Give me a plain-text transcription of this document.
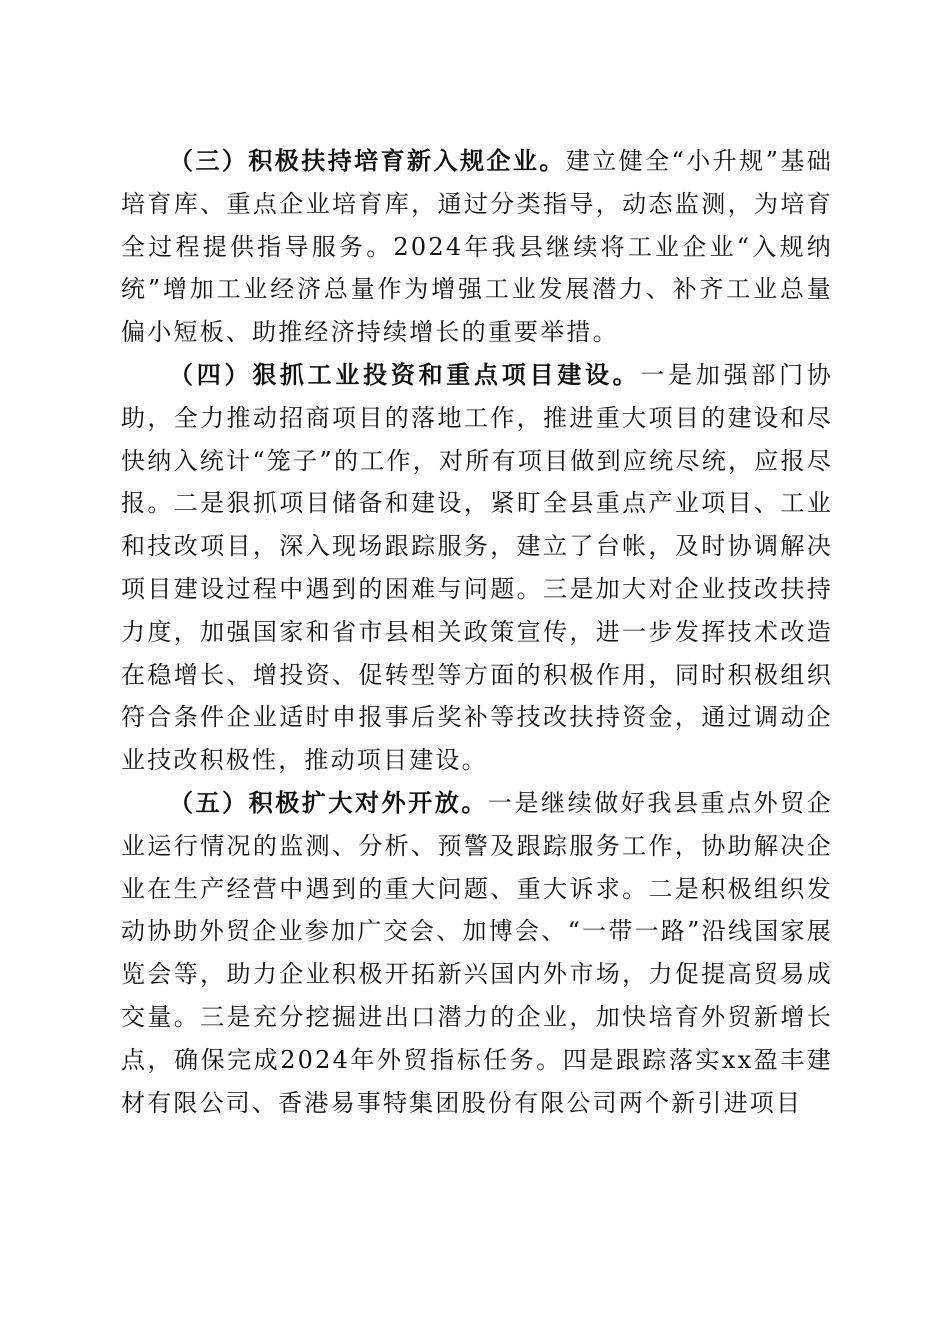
（三）积极扶持培育新入规企业。建立健全“小升规”基础培育库、重点企业培育库，通过分类指导，动态监测，为培育全过程提供指导服务。2024年我县继续将工业企业“入规纳统”增加工业经济总量作为增强工业发展潜力、补齐工业总量偏小短板、助推经济持续增长的重要举措。

（四）狠抓工业投资和重点项目建设。一是加强部门协助，全力推动招商项目的落地工作，推进重大项目的建设和尽快纳入统计“笼子”的工作，对所有项目做到应统尽统，应报尽报。二是狠抓项目储备和建设，紧盯全县重点产业项目、工业和技改项目，深入现场跟踪服务，建立了台帐，及时协调解决项目建设过程中遇到的困难与问题。三是加大对企业技改扶持力度，加强国家和省市县相关政策宣传，进一步发挥技术改造在稳增长、增投资、促转型等方面的积极作用，同时积极组织符合条件企业适时申报事后奖补等技改扶持资金，通过调动企业技改积极性，推动项目建设。

（五）积极扩大对外开放。一是继续做好我县重点外贸企业运行情况的监测、分析、预警及跟踪服务工作，协助解决企业在生产经营中遇到的重大问题、重大诉求。二是积极组织发动协助外贸企业参加广交会、加博会、“一带一路”沿线国家展览会等，助力企业积极开拓新兴国内外市场，力促提高贸易成交量。三是充分挖掘进出口潜力的企业，加快培育外贸新增长点，确保完成2024年外贸指标任务。四是跟踪落实xx盈丰建材有限公司、香港易事特集团股份有限公司两个新引进项目
